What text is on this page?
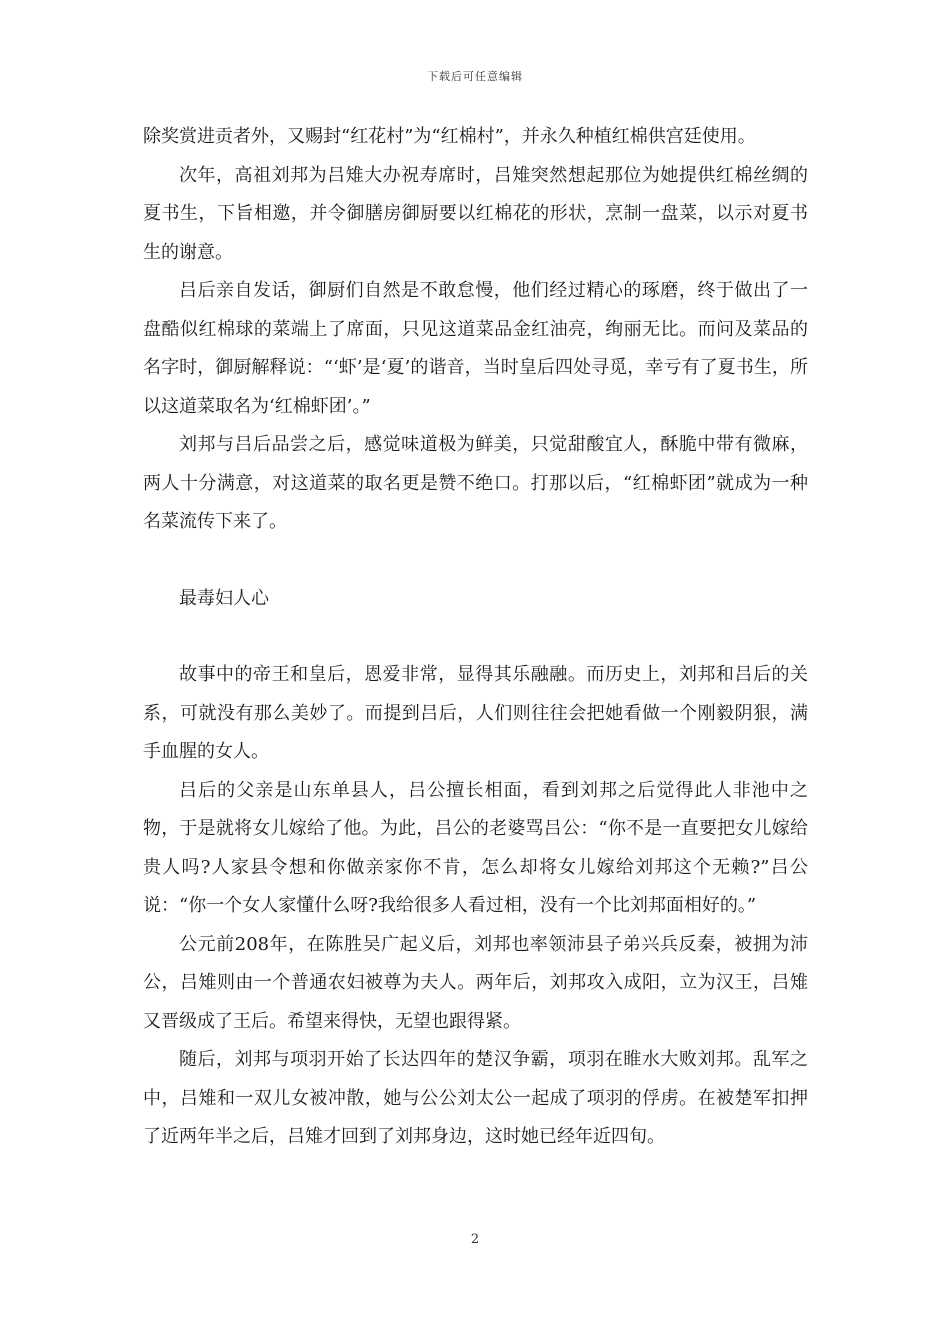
下载后可任意编辑

除奖赏进贡者外，又赐封“红花村”为“红棉村”，并永久种植红棉供宫廷使用。

次年，高祖刘邦为吕雉大办祝寿席时，吕雉突然想起那位为她提供红棉丝绸的夏书生，下旨相邀，并令御膳房御厨要以红棉花的形状，烹制一盘菜，以示对夏书生的谢意。

吕后亲自发话，御厨们自然是不敢怠慢，他们经过精心的琢磨，终于做出了一盘酷似红棉球的菜端上了席面，只见这道菜品金红油亮，绚丽无比。而问及菜品的名字时，御厨解释说：“‘虾’是‘夏’的谐音，当时皇后四处寻觅，幸亏有了夏书生，所以这道菜取名为‘红棉虾团’。”

刘邦与吕后品尝之后，感觉味道极为鲜美，只觉甜酸宜人，酥脆中带有微麻，两人十分满意，对这道菜的取名更是赞不绝口。打那以后，“红棉虾团”就成为一种名菜流传下来了。

最毒妇人心

故事中的帝王和皇后，恩爱非常，显得其乐融融。而历史上，刘邦和吕后的关系，可就没有那么美妙了。而提到吕后，人们则往往会把她看做一个刚毅阴狠，满手血腥的女人。

吕后的父亲是山东单县人，吕公擅长相面，看到刘邦之后觉得此人非池中之物，于是就将女儿嫁给了他。为此，吕公的老婆骂吕公：“你不是一直要把女儿嫁给贵人吗?人家县令想和你做亲家你不肯，怎么却将女儿嫁给刘邦这个无赖?”吕公说：“你一个女人家懂什么呀?我给很多人看过相，没有一个比刘邦面相好的。”

公元前208年，在陈胜吴广起义后，刘邦也率领沛县子弟兴兵反秦，被拥为沛公，吕雉则由一个普通农妇被尊为夫人。两年后，刘邦攻入成阳，立为汉王，吕雉又晋级成了王后。希望来得快，无望也跟得紧。

随后，刘邦与项羽开始了长达四年的楚汉争霸，项羽在睢水大败刘邦。乱军之中，吕雉和一双儿女被冲散，她与公公刘太公一起成了项羽的俘虏。在被楚军扣押了近两年半之后，吕雉才回到了刘邦身边，这时她已经年近四旬。

2
